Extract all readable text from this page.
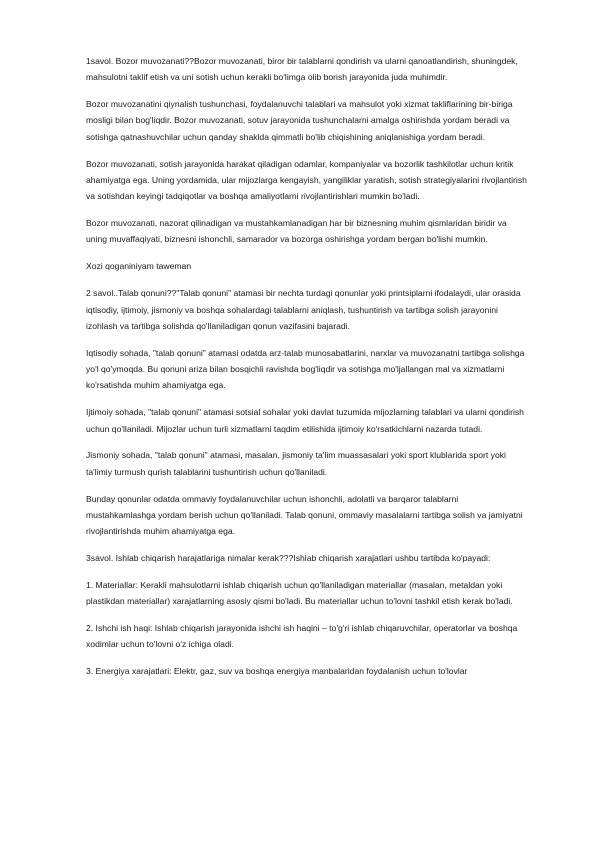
1savol. Bozor muvozanati??Bozor muvozanati, biror bir talablarni qondirish va ularni qanoatlandirish, shuningdek, mahsulotni taklif etish va uni sotish uchun kerakli bo'limga olib borish jarayonida juda muhimdir.

Bozor muvozanatini qiynalish tushunchasi, foydalanuvchi talablari va mahsulot yoki xizmat takliflarining bir-biriga mosligi bilan bog'liqdir. Bozor muvozanati, sotuv jarayonida tushunchalarni amalga oshirishda yordam beradi va sotishga qatnashuvchilar uchun qanday shaklda qimmatli bo'lib chiqishining aniqlanishiga yordam beradi.

Bozor muvozanati, sotish jarayonida harakat qiladigan odamlar, kompaniyalar va bozorlik tashkilotlar uchun kritik ahamiyatga ega. Uning yordamida, ular mijozlarga kengayish, yangiliklar yaratish, sotish strategiyalarini rivojlantirish va sotishdan keyingi tadqiqotlar va boshqa amaliyotlarni rivojlantirishlari mumkin bo'ladi.

Bozor muvozanati, nazorat qilinadigan va mustahkamlanadigan har bir biznesning muhim qismlaridan biridir va uning muvaffaqiyati, biznesni ishonchli, samarador va bozorga oshirishga yordam bergan bo'lishi mumkin.

Xozi qoganiniyam taweman

2 savol..Talab qonuni??"Talab qonuni" atamasi bir nechta turdagi qonunlar yoki printsiplarni ifodalaydi, ular orasida iqtisodiy, ijtimoiy, jismoniy va boshqa sohalardagi talablarni aniqlash, tushuntirish va tartibga solish jarayonini izohlash va tartibga solishda qo'llaniladigan qonun vazifasini bajaradi.

Iqtisodiy sohada, "talab qonuni" atamasi odatda arz-talab munosabatlarini, narxlar va muvozanatni tartibga solishga yo'l qo'ymoqda. Bu qonuni ariza bilan bosqichli ravishda bog'liqdir va sotishga mo'ljallangan mal va xizmatlarni ko'rsatishda muhim ahamiyatga ega.

Ijtimoiy sohada, "talab qonuni" atamasi sotsial sohalar yoki davlat tuzumida mijozlarning talablari va ularni qondirish uchun qo'llaniladi. Mijozlar uchun turli xizmatlarni taqdim etilishida ijtimoiy ko'rsatkichlarni nazarda tutadi.

Jismoniy sohada, "talab qonuni" atamasi, masalan, jismoniy ta'lim muassasalari yoki sport klublarida sport yoki ta'limiy turmush qurish talablarini tushuntirish uchun qo'llaniladi.

Bunday qonunlar odatda ommaviy foydalanuvchilar uchun ishonchli, adolatli va barqaror talablarni mustahkamlashga yordam berish uchun qo'llaniladi. Talab qonuni, ommaviy masalalarni tartibga solish va jamiyatni rivojlantirishda muhim ahamiyatga ega.

3savol. Ishlab chiqarish harajatlariga nimalar kerak???Ishlab chiqarish xarajatlari ushbu tartibda ko'payadi:

1. Materiallar: Kerakli mahsulotlarni ishlab chiqarish uchun qo'llaniladigan materiallar (masalan, metaldan yoki plastikdan materiallar) xarajatlarning asosiy qismi bo'ladi. Bu materiallar uchun to'lovni tashkil etish kerak bo'ladi.

2. Ishchi ish haqi: Ishlab chiqarish jarayonida ishchi ish haqini – to'g'ri ishlab chiqaruvchilar, operatorlar va boshqa xodimlar uchun to'lovni o'z ichiga oladi.

3. Energiya xarajatlari: Elektr, gaz, suv va boshqa energiya manbalaridan foydalanish uchun to'lovlar
